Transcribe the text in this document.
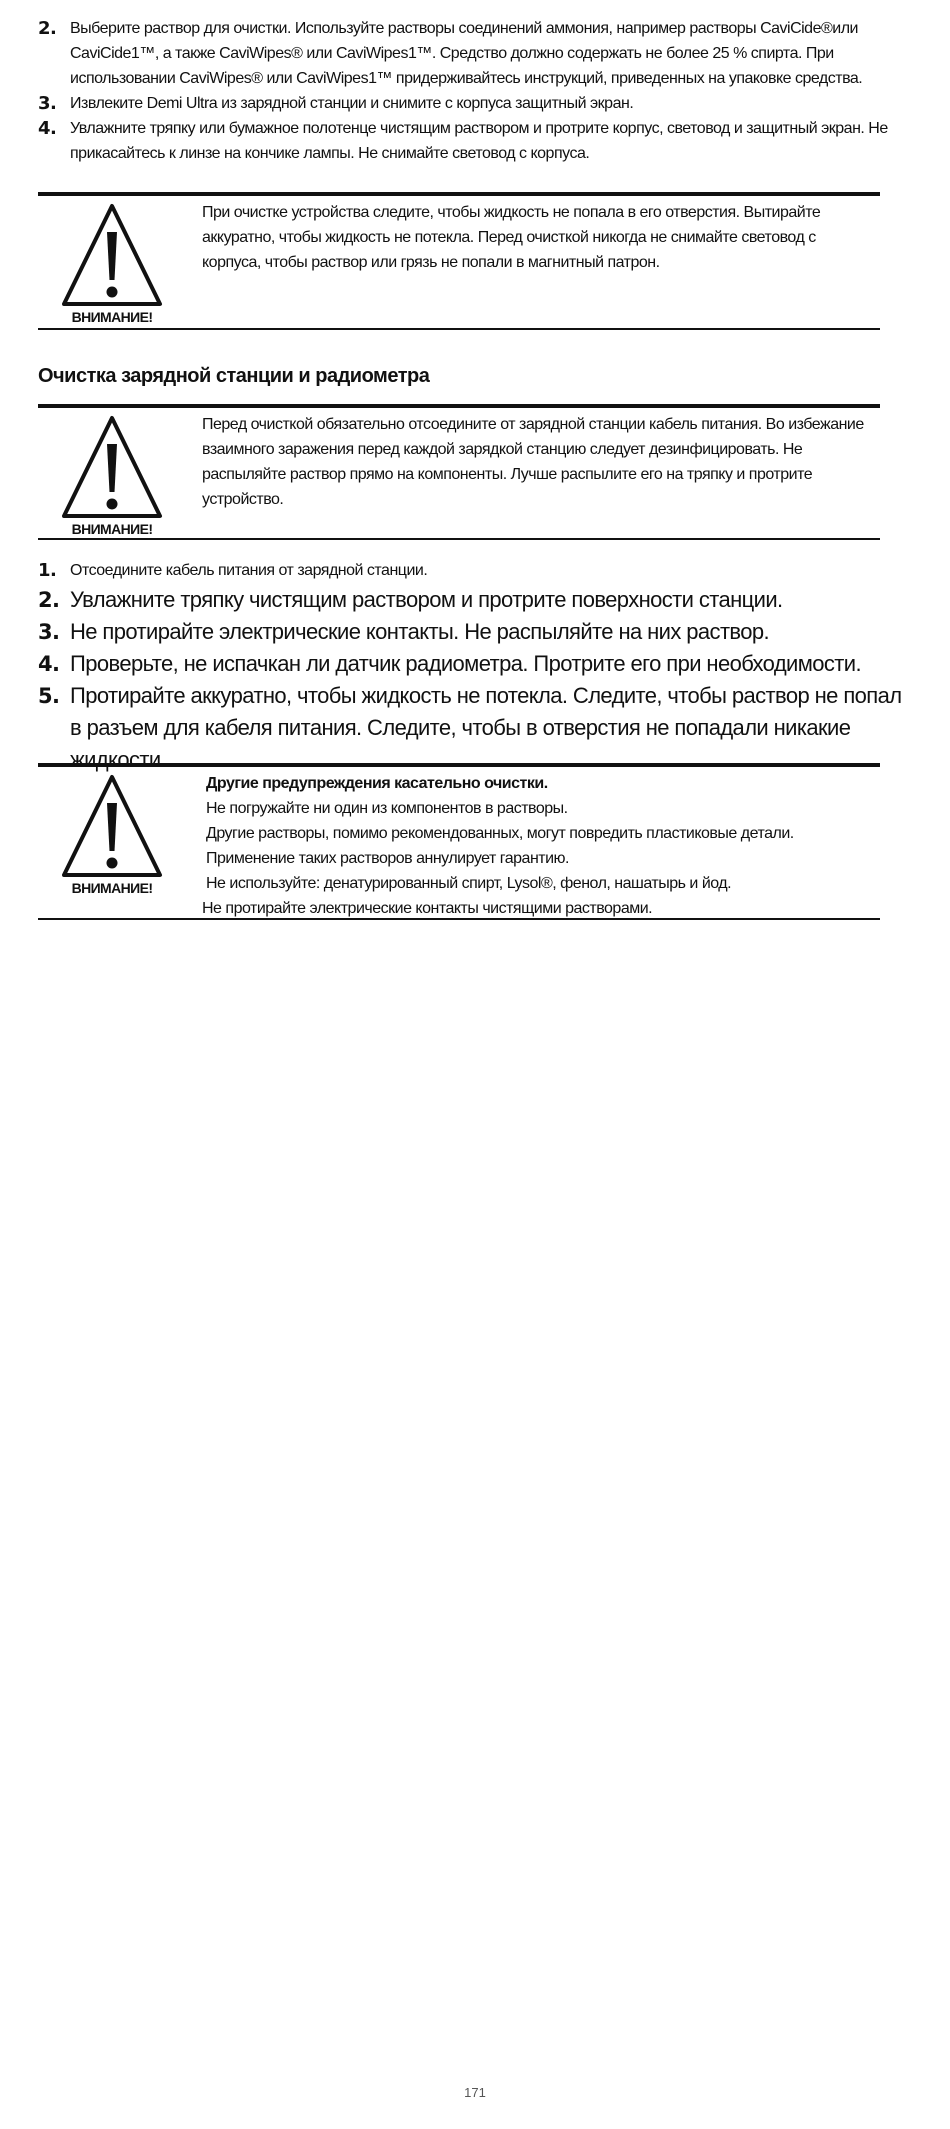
2. Выберите раствор для очистки. Используйте растворы соединений аммония, например растворы CaviCide®или CaviCide1™, а также CaviWipes® или CaviWipes1™. Средство должно содержать не более 25 % спирта. При использовании CaviWipes® или CaviWipes1™ придерживайтесь инструкций, приведенных на упаковке средства.
3. Извлеките Demi Ultra из зарядной станции и снимите с корпуса защитный экран.
4. Увлажните тряпку или бумажное полотенце чистящим раствором и протрите корпус, световод и защитный экран. Не прикасайтесь к линзе на кончике лампы. Не снимайте световод с корпуса.
ВНИМАНИЕ!
При очистке устройства следите, чтобы жидкость не попала в его отверстия. Вытирайте аккуратно, чтобы жидкость не потекла. Перед очисткой никогда не снимайте световод с корпуса, чтобы раствор или грязь не попали в магнитный патрон.
Очистка зарядной станции и радиометра
ВНИМАНИЕ!
Перед очисткой обязательно отсоедините от зарядной станции кабель питания. Во избежание взаимного заражения перед каждой зарядкой станцию следует дезинфицировать. Не распыляйте раствор прямо на компоненты. Лучше распылите его на тряпку и протрите устройство.
1. Отсоедините кабель питания от зарядной станции.
2. Увлажните тряпку чистящим раствором и протрите поверхности станции.
3. Не протирайте электрические контакты. Не распыляйте на них раствор.
4. Проверьте, не испачкан ли датчик радиометра. Протрите его при необходимости.
5. Протирайте аккуратно, чтобы жидкость не потекла. Следите, чтобы раствор не попал в разъем для кабеля питания. Следите, чтобы в отверстия не попадали никакие жидкости.
ВНИМАНИЕ!

Другие предупреждения касательно очистки.

Не погружайте ни один из компонентов в растворы.

Другие растворы, помимо рекомендованных, могут повредить пластиковые детали.

Применение таких растворов аннулирует гарантию.

Не используйте: денатурированный спирт, Lysol®, фенол, нашатырь и йод.

Не протирайте электрические контакты чистящими растворами.

171
